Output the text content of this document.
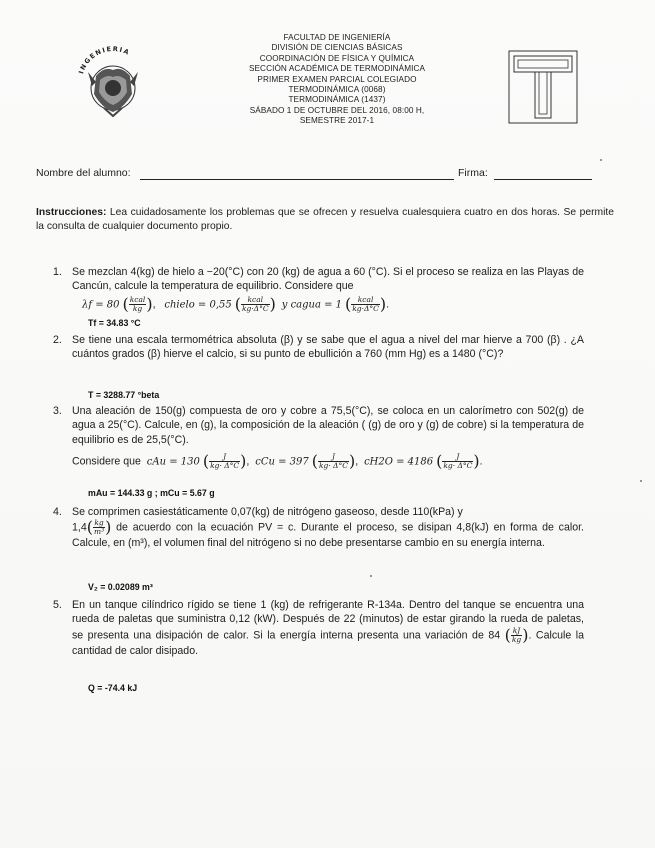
INGENIERIA
FACULTAD DE INGENIERÍA
DIVISIÓN DE CIENCIAS BÁSICAS
COORDINACIÓN DE FÍSICA Y QUÍMICA
SECCIÓN ACADÉMICA DE TERMODINÁMICA
PRIMER EXAMEN PARCIAL COLEGIADO
TERMODINÁMICA (0068)
TERMODINÁMICA (1437)
SÁBADO 1 DE OCTUBRE DEL 2016, 08:00 H,
SEMESTRE 2017-1
Nombre del alumno:	Firma:
Instrucciones: Lea cuidadosamente los problemas que se ofrecen y resuelva cualesquiera cuatro en dos horas. Se permite la consulta de cualquier documento propio.
1. Se mezclan 4(kg) de hielo a −20(°C) con 20 (kg) de agua a 60 (°C). Si el proceso se realiza en las Playas de Cancún, calcule la temperatura de equilibrio. Considere que
λf = 80 ( $\frac{\text{kcal}}{kg}$ ),   chielo = 0,55 ( $\frac{\text{kcal}}{kg\cdot\Delta^\circ C}$ ) y cagua = 1 ( $\frac{\text{kcal}}{kg\cdot\Delta^\circ C}$ ).
Tf = 34.83 °C
2. Se tiene una escala termométrica absoluta (β) y se sabe que el agua a nivel del mar hierve a 700 (β) . ¿A cuántos grados (β) hierve el calcio, si su punto de ebullición a 760 (mm Hg) es a 1480 (°C)?
T = 3288.77 °beta
3. Una aleación de 150(g) compuesta de oro y cobre a 75,5(°C), se coloca en un calorímetro con 502(g) de agua a 25(°C). Calcule, en (g), la composición de la aleación ( (g) de oro y (g) de cobre) si la temperatura de equilibrio es de 25,5(°C).
Considere que cAu = 130 ( $\frac{J}{kg\cdot \Delta^\circ C}$ ),  cCu = 397 ( $\frac{J}{kg\cdot \Delta^\circ C}$ ),  cH2O = 4186 ( $\frac{J}{kg\cdot \Delta^\circ C}$ ).
mAu = 144.33 g ; mCu = 5.67 g
4. Se comprimen casiestáticamente 0,07(kg) de nitrógeno gaseoso, desde 110(kPa) y
$1,4( \frac{kg}{\text{m³}}$ ) de acuerdo con la ecuación PV = c. Durante el proceso, se disipan 4,8(kJ) en forma de calor. Calcule, en (m³), el volumen final del nitrógeno si no debe presentarse cambio en su energía interna.
V₂ = 0.02089 m³
5. En un tanque cilíndrico rígido se tiene 1 (kg) de refrigerante R-134a. Dentro del tanque se encuentra una rueda de paletas que suministra 0,12 (kW). Después de 22 (minutos) de estar girando la rueda de paletas, se presenta una disipación de calor. Si la energía interna presenta una variación de 84 ( $\frac{kJ}{kg}$ ). Calcule la cantidad de calor disipado.
Q = -74.4 kJ
